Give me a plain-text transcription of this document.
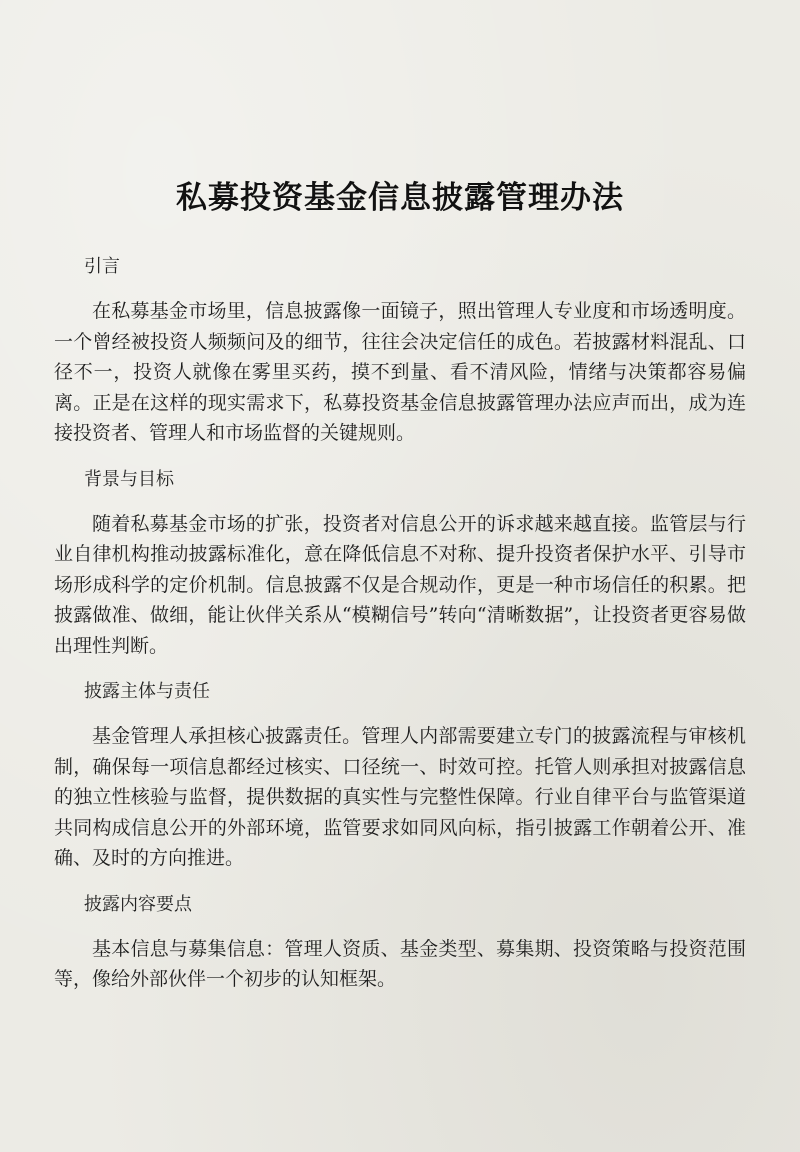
私募投资基金信息披露管理办法
引言

在私募基金市场里，信息披露像一面镜子，照出管理人专业度和市场透明度。一个曾经被投资人频频问及的细节，往往会决定信任的成色。若披露材料混乱、口径不一，投资人就像在雾里买药，摸不到量、看不清风险，情绪与决策都容易偏离。正是在这样的现实需求下，私募投资基金信息披露管理办法应声而出，成为连接投资者、管理人和市场监督的关键规则。

背景与目标

随着私募基金市场的扩张，投资者对信息公开的诉求越来越直接。监管层与行业自律机构推动披露标准化，意在降低信息不对称、提升投资者保护水平、引导市场形成科学的定价机制。信息披露不仅是合规动作，更是一种市场信任的积累。把披露做准、做细，能让伙伴关系从“模糊信号”转向“清晰数据”，让投资者更容易做出理性判断。

披露主体与责任

基金管理人承担核心披露责任。管理人内部需要建立专门的披露流程与审核机制，确保每一项信息都经过核实、口径统一、时效可控。托管人则承担对披露信息的独立性核验与监督，提供数据的真实性与完整性保障。行业自律平台与监管渠道共同构成信息公开的外部环境，监管要求如同风向标，指引披露工作朝着公开、准确、及时的方向推进。

披露内容要点

基本信息与募集信息：管理人资质、基金类型、募集期、投资策略与投资范围等，像给外部伙伴一个初步的认知框架。
